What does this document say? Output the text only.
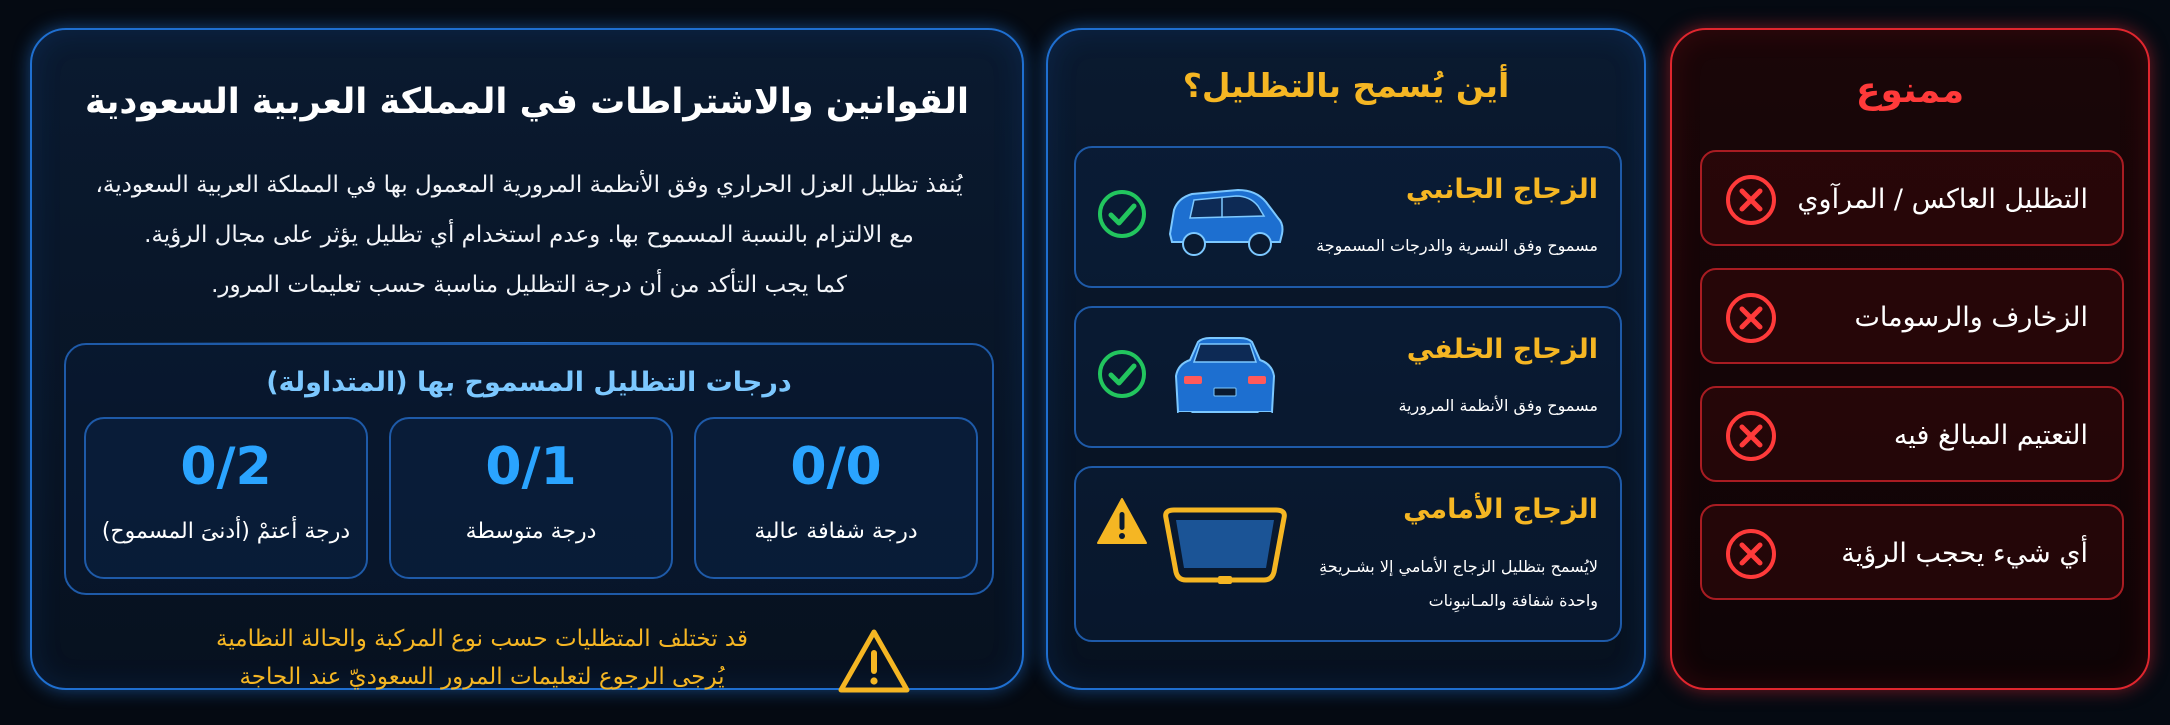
القوانين والاشتراطات في المملكة العربية السعودية
يُنفذ تظليل العزل الحراري وفق الأنظمة المرورية المعمول بها في المملكة العربية السعودية،
مع الالتزام بالنسبة المسموح بها. وعدم استخدام أي تظليل يؤثر على مجال الرؤية.
كما يجب التأكد من أن درجة التظليل مناسبة حسب تعليمات المرور.
درجات التظليل المسموح بها (المتداولة)
0/0
درجة شفافة عالية
0/1
درجة متوسطة
0/2
درجة أعتمْ (أدنىَ المسموح)
قد تختلف المتظليات حسب نوع المركبة والحالة النظامية
يُرجى الرجوع لتعليمات المرور السعوديّ عند الحاجة
أين يُسمح بالتظليل؟
الزجاج الجانبي
مسموح وفق النسرية والدرجات المسموجة
الزجاج الخلفي
مسموح وفق الأنظمة المرورية
الزجاج الأمامي
لايُسمح بتظليل الزجاج الأمامي إلا بشـريحةِ
واحدة شفافة والمـانبوِنات
ممنوع
التظليل العاكس / المرآوي
الزخارف والرسومات
التعتيم المبالغ فيه
أي شيء يحجب الرؤية
